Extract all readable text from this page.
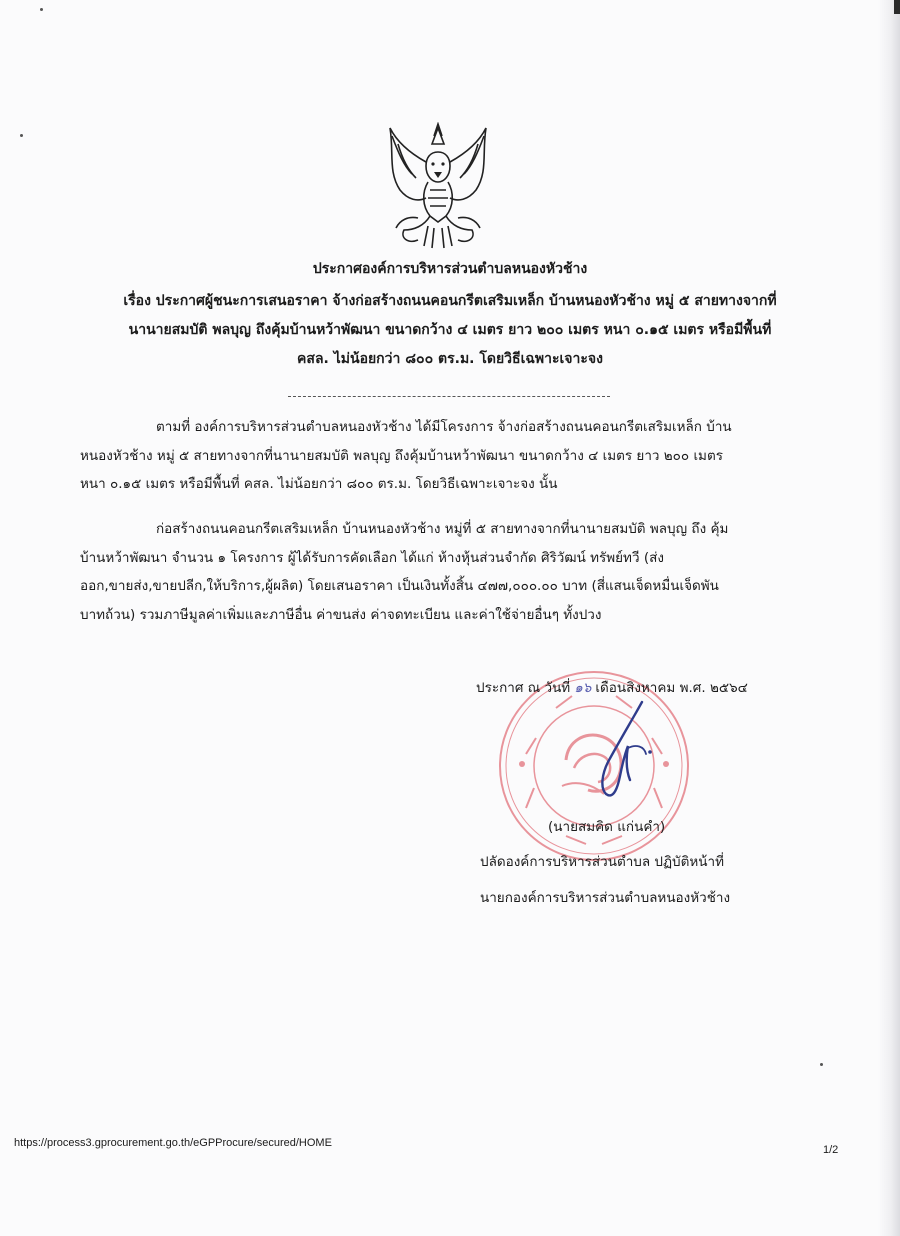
ประกาศองค์การบริหารส่วนตำบลหนองหัวช้าง
เรื่อง ประกาศผู้ชนะการเสนอราคา จ้างก่อสร้างถนนคอนกรีตเสริมเหล็ก บ้านหนองหัวช้าง หมู่ ๕ สายทางจากที่
นานายสมบัติ พลบุญ ถึงคุ้มบ้านหว้าพัฒนา ขนาดกว้าง ๔ เมตร ยาว ๒๐๐ เมตร หนา ๐.๑๕ เมตร หรือมีพื้นที่
คสล. ไม่น้อยกว่า ๘๐๐ ตร.ม. โดยวิธีเฉพาะเจาะจง
ตามที่ องค์การบริหารส่วนตำบลหนองหัวช้าง ได้มีโครงการ จ้างก่อสร้างถนนคอนกรีตเสริมเหล็ก บ้าน
หนองหัวช้าง หมู่ ๕ สายทางจากที่นานายสมบัติ พลบุญ ถึงคุ้มบ้านหว้าพัฒนา ขนาดกว้าง ๔ เมตร ยาว ๒๐๐ เมตร
หนา ๐.๑๕ เมตร หรือมีพื้นที่ คสล. ไม่น้อยกว่า ๘๐๐ ตร.ม. โดยวิธีเฉพาะเจาะจง นั้น
ก่อสร้างถนนคอนกรีตเสริมเหล็ก บ้านหนองหัวช้าง หมู่ที่ ๕ สายทางจากที่นานายสมบัติ พลบุญ ถึง คุ้ม
บ้านหว้าพัฒนา จำนวน ๑ โครงการ ผู้ได้รับการคัดเลือก ได้แก่ ห้างหุ้นส่วนจำกัด ศิริวัฒน์ ทรัพย์ทวี (ส่ง
ออก,ขายส่ง,ขายปลีก,ให้บริการ,ผู้ผลิต) โดยเสนอราคา เป็นเงินทั้งสิ้น ๔๗๗,๐๐๐.๐๐ บาท (สี่แสนเจ็ดหมื่นเจ็ดพัน
บาทถ้วน) รวมภาษีมูลค่าเพิ่มและภาษีอื่น ค่าขนส่ง ค่าจดทะเบียน และค่าใช้จ่ายอื่นๆ ทั้งปวง
ประกาศ ณ วันที่ ๑๖ เดือนสิงหาคม พ.ศ. ๒๕๖๔
(นายสมคิด แก่นคำ)
ปลัดองค์การบริหารส่วนตำบล ปฏิบัติหน้าที่
นายกองค์การบริหารส่วนตำบลหนองหัวช้าง
https://process3.gprocurement.go.th/eGPProcure/secured/HOME
1/2
